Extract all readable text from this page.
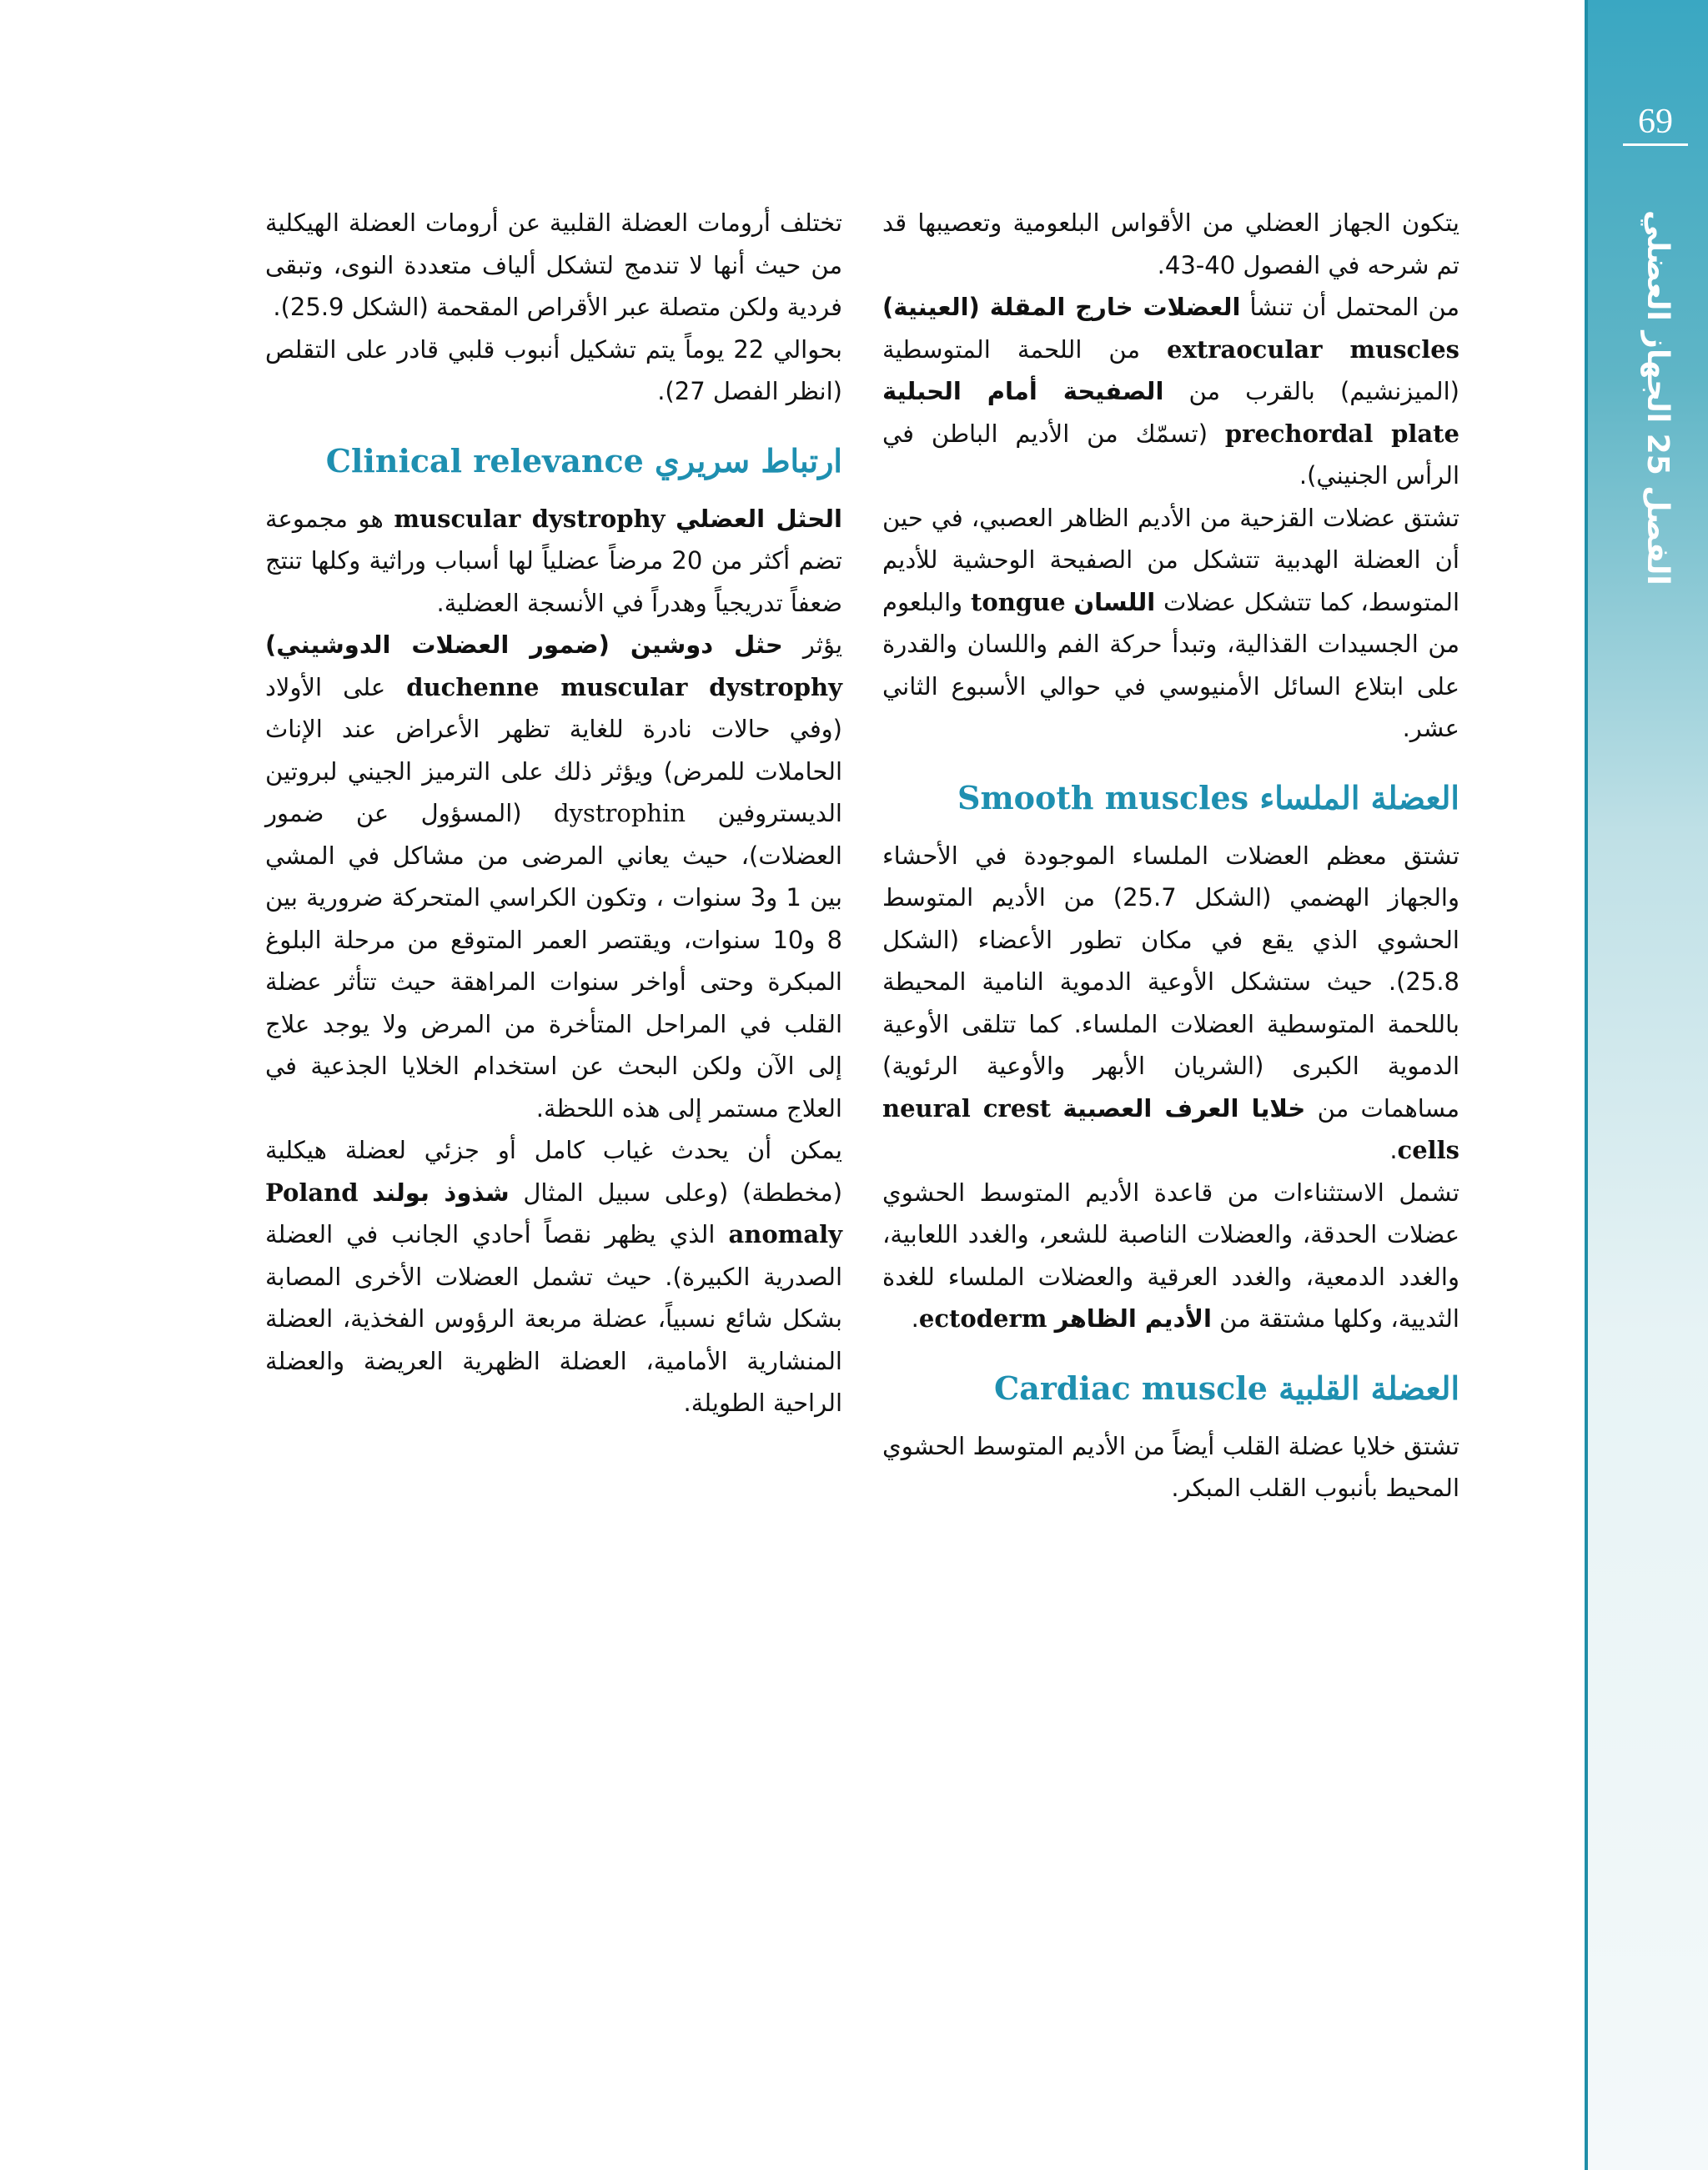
69
الفصل 25 الجهاز العضلي

يتكون الجهاز العضلي من الأقواس البلعومية وتعصيبها قد تم شرحه في الفصول 40-43.

من المحتمل أن تنشأ العضلات خارج المقلة (العينية) extraocular muscles من اللحمة المتوسطية (الميزنشيم) بالقرب من الصفيحة أمام الحبلية prechordal plate (تسمّك من الأديم الباطن في الرأس الجنيني).

تشتق عضلات القزحية من الأديم الظاهر العصبي، في حين أن العضلة الهدبية تتشكل من الصفيحة الوحشية للأديم المتوسط، كما تتشكل عضلات اللسان tongue والبلعوم من الجسيدات القذالية، وتبدأ حركة الفم واللسان والقدرة على ابتلاع السائل الأمنيوسي في حوالي الأسبوع الثاني عشر.

العضلة الملساء Smooth muscles

تشتق معظم العضلات الملساء الموجودة في الأحشاء والجهاز الهضمي (الشكل 25.7) من الأديم المتوسط الحشوي الذي يقع في مكان تطور الأعضاء (الشكل 25.8). حيث ستشكل الأوعية الدموية النامية المحيطة باللحمة المتوسطية العضلات الملساء. كما تتلقى الأوعية الدموية الكبرى (الشريان الأبهر والأوعية الرئوية) مساهمات من خلايا العرف العصبية neural crest cells.

تشمل الاستثناءات من قاعدة الأديم المتوسط الحشوي عضلات الحدقة، والعضلات الناصبة للشعر، والغدد اللعابية، والغدد الدمعية، والغدد العرقية والعضلات الملساء للغدة الثديية، وكلها مشتقة من الأديم الظاهر ectoderm.

العضلة القلبية Cardiac muscle

تشتق خلايا عضلة القلب أيضاً من الأديم المتوسط الحشوي المحيط بأنبوب القلب المبكر.

تختلف أرومات العضلة القلبية عن أرومات العضلة الهيكلية من حيث أنها لا تندمج لتشكل ألياف متعددة النوى، وتبقى فردية ولكن متصلة عبر الأقراص المقحمة (الشكل 25.9).

بحوالي 22 يوماً يتم تشكيل أنبوب قلبي قادر على التقلص (انظر الفصل 27).

ارتباط سريري Clinical relevance

الحثل العضلي muscular dystrophy هو مجموعة تضم أكثر من 20 مرضاً عضلياً لها أسباب وراثية وكلها تنتج ضعفاً تدريجياً وهدراً في الأنسجة العضلية.

يؤثر حثل دوشين (ضمور العضلات الدوشيني) duchenne muscular dystrophy على الأولاد (وفي حالات نادرة للغاية تظهر الأعراض عند الإناث الحاملات للمرض) ويؤثر ذلك على الترميز الجيني لبروتين الديستروفين dystrophin (المسؤول عن ضمور العضلات)، حيث يعاني المرضى من مشاكل في المشي بين 1 و3 سنوات ، وتكون الكراسي المتحركة ضرورية بين 8 و10 سنوات، ويقتصر العمر المتوقع من مرحلة البلوغ المبكرة وحتى أواخر سنوات المراهقة حيث تتأثر عضلة القلب في المراحل المتأخرة من المرض ولا يوجد علاج إلى الآن ولكن البحث عن استخدام الخلايا الجذعية في العلاج مستمر إلى هذه اللحظة.

يمكن أن يحدث غياب كامل أو جزئي لعضلة هيكلية (مخططة) (وعلى سبيل المثال شذوذ بولند Poland anomaly الذي يظهر نقصاً أحادي الجانب في العضلة الصدرية الكبيرة). حيث تشمل العضلات الأخرى المصابة بشكل شائع نسبياً، عضلة مربعة الرؤوس الفخذية، العضلة المنشارية الأمامية، العضلة الظهرية العريضة والعضلة الراحية الطويلة.
